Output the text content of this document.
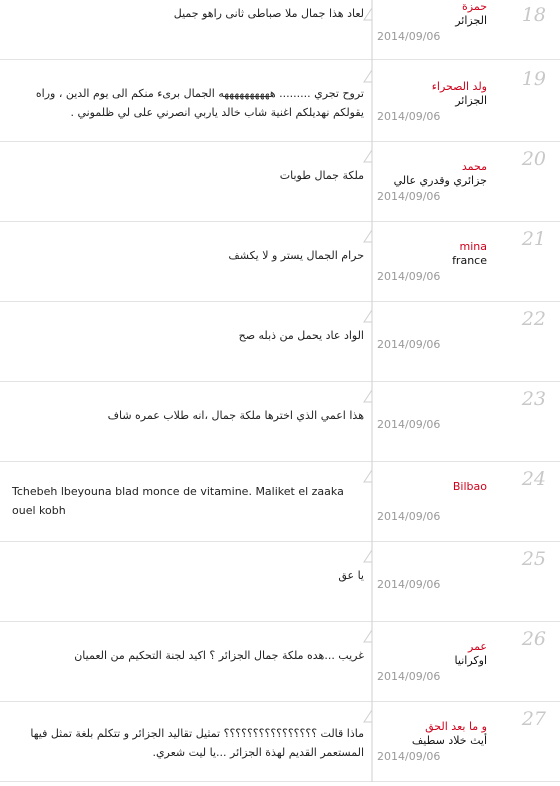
18
حمزة
الجزائر
2014/09/06
لعاد هذا جمال ملا صباطى ثانى راهو جميل
19
ولد الصحراء
الجزائر
2014/09/06
تروح تجري ......... ههههههههههه الجمال برىء منكم الى يوم الدين ، وراه يقولكم نهديلكم اغنية شاب خالد ياربي انصرني على لي ظلموني .
20
محمد
جزائري وقدري عالي
2014/09/06
ملكة جمال طوبات
21
mina
france
2014/09/06
حرام الجمال يستر و لا يكشف
22
2014/09/06
الواد عاد يحمل من ذبله صح
23
2014/09/06
هذا اعمي الذي اخترها ملكة جمال ،انه طلاب عمره شاف
24
Bilbao
2014/09/06
Tchebeh lbeyouna blad monce de vitamine. Maliket el zaaka ouel kobh
25
2014/09/06
يا عق
26
عمر
اوكرانيا
2014/09/06
غريب ...هده ملكة جمال الجزائر ؟ اكيد لجنة التحكيم من العميان
27
و ما بعد الحق
أيث خلاد سطيف
2014/09/06
ماذا قالت ؟؟؟؟؟؟؟؟؟؟؟؟؟؟؟؟ تمثيل تقاليد الجزائر و تتكلم بلغة تمثل فيها المستعمر القديم لهذة الجزائر ...يا ليت شعري.
